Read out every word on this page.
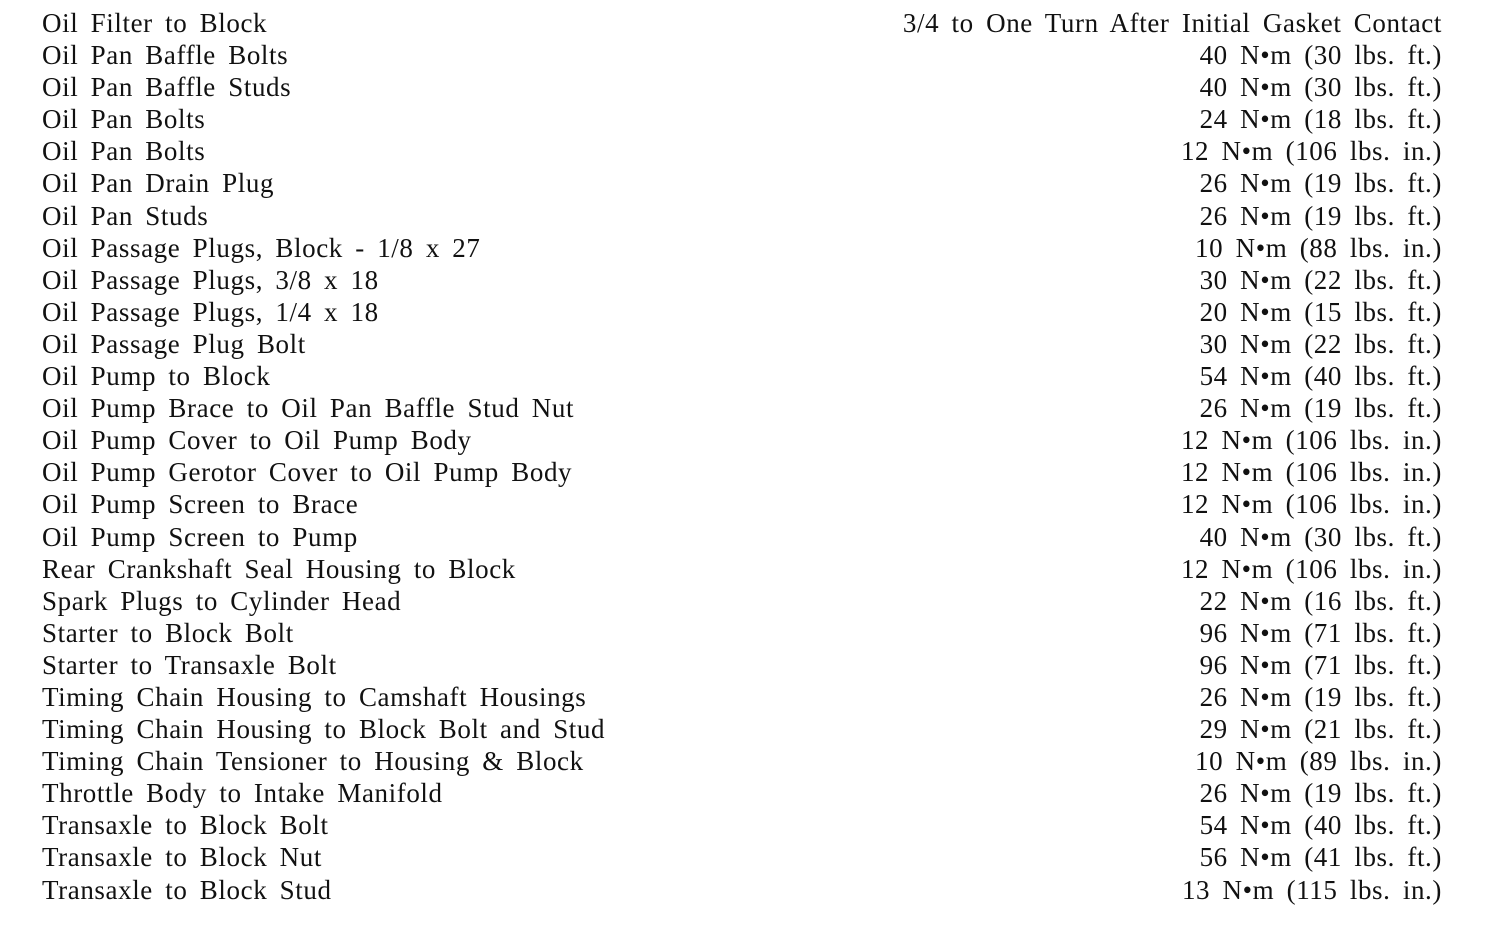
Oil Filter to Block	3/4 to One Turn After Initial Gasket Contact
Oil Pan Baffle Bolts	40 N•m (30 lbs. ft.)
Oil Pan Baffle Studs	40 N•m (30 lbs. ft.)
Oil Pan Bolts	24 N•m (18 lbs. ft.)
Oil Pan Bolts	12 N•m (106 lbs. in.)
Oil Pan Drain Plug	26 N•m (19 lbs. ft.)
Oil Pan Studs	26 N•m (19 lbs. ft.)
Oil Passage Plugs, Block - 1/8 x 27	10 N•m (88 lbs. in.)
Oil Passage Plugs, 3/8 x 18	30 N•m (22 lbs. ft.)
Oil Passage Plugs, 1/4 x 18	20 N•m (15 lbs. ft.)
Oil Passage Plug Bolt	30 N•m (22 lbs. ft.)
Oil Pump to Block	54 N•m (40 lbs. ft.)
Oil Pump Brace to Oil Pan Baffle Stud Nut	26 N•m (19 lbs. ft.)
Oil Pump Cover to Oil Pump Body	12 N•m (106 lbs. in.)
Oil Pump Gerotor Cover to Oil Pump Body	12 N•m (106 lbs. in.)
Oil Pump Screen to Brace	12 N•m (106 lbs. in.)
Oil Pump Screen to Pump	40 N•m (30 lbs. ft.)
Rear Crankshaft Seal Housing to Block	12 N•m (106 lbs. in.)
Spark Plugs to Cylinder Head	22 N•m (16 lbs. ft.)
Starter to Block Bolt	96 N•m (71 lbs. ft.)
Starter to Transaxle Bolt	96 N•m (71 lbs. ft.)
Timing Chain Housing to Camshaft Housings	26 N•m (19 lbs. ft.)
Timing Chain Housing to Block Bolt and Stud	29 N•m (21 lbs. ft.)
Timing Chain Tensioner to Housing & Block	10 N•m (89 lbs. in.)
Throttle Body to Intake Manifold	26 N•m (19 lbs. ft.)
Transaxle to Block Bolt	54 N•m (40 lbs. ft.)
Transaxle to Block Nut	56 N•m (41 lbs. ft.)
Transaxle to Block Stud	13 N•m (115 lbs. in.)
